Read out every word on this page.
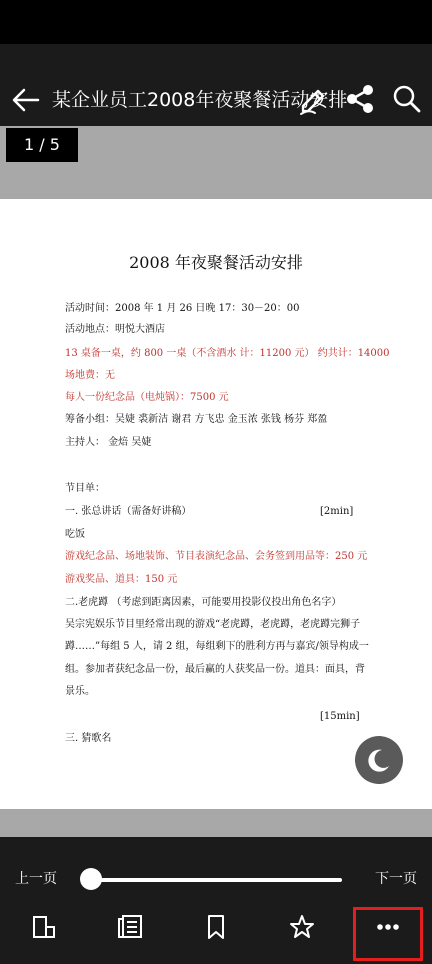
某企业员工2008年夜聚餐活动安排
1 / 5
2008 年夜聚餐活动安排
活动时间：2008 年 1 月 26 日晚 17：30－20：00
活动地点：明悦大酒店
13 桌备一桌，约 800 一桌（不含酒水 计：11200 元） 约共计：14000
场地费：无
每人一份纪念品（电炖锅）：7500 元
筹备小组：吴婕 裘新洁 谢君 方飞忠 金玉浓 张钱 杨芬 郑盈
主持人： 金焙 吴婕
节目单：
一. 张总讲话（需备好讲稿）	[2min]
吃饭
游戏纪念品、场地装饰、节目表演纪念品、会务签到用品等：250 元
游戏奖品、道具：150 元
二.老虎蹲 （考虑到距离因素，可能要用投影仪投出角色名字）
吴宗宪娱乐节目里经常出现的游戏“老虎蹲，老虎蹲，老虎蹲完狮子
蹲……”每组 5 人，请 2 组，每组剩下的胜利方再与嘉宾/领导构成一
组。参加者获纪念品一份，最后赢的人获奖品一份。道具：面具，背
景乐。
[15min]
三. 猜歌名
上一页	下一页
